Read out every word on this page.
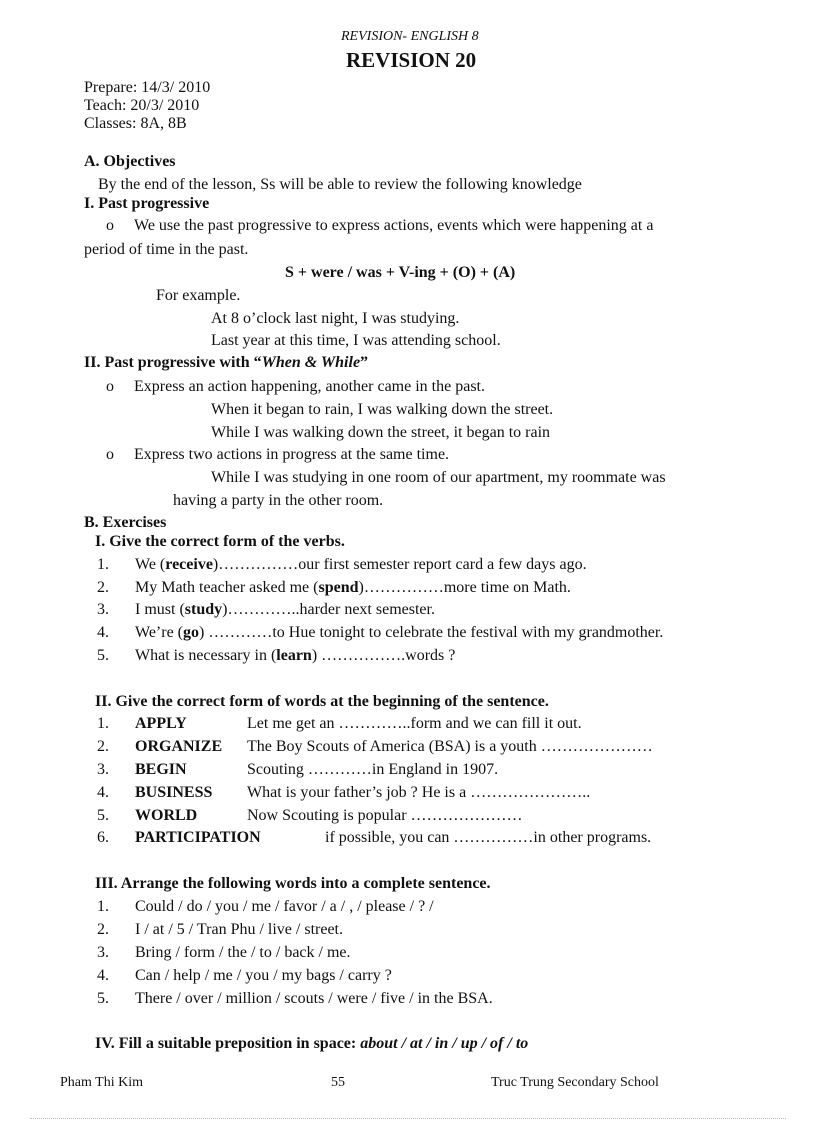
REVISION- ENGLISH 8
REVISION 20
Prepare: 14/3/ 2010
Teach: 20/3/ 2010
Classes: 8A, 8B
A. Objectives
By the end of the lesson, Ss will be able to review the following knowledge
I. Past progressive
o We use the past progressive to express actions, events which were happening at a
period of time in the past.
S + were / was + V-ing + (O) + (A)
For example.
At 8 o’clock last night, I was studying.
Last year at this time, I was attending school.
II. Past progressive with “When & While”
o Express an action happening, another came in the past.
When it began to rain, I was walking down the street.
While I was walking down the street, it began to rain
o Express two actions in progress at the same time.
While I was studying in one room of our apartment, my roommate was
having a party in the other room.
B. Exercises
I. Give the correct form of the verbs.
1. We (receive)……………our first semester report card a few days ago.
2. My Math teacher asked me (spend)……………more time on Math.
3. I must (study)…………..harder next semester.
4. We’re (go) …………to Hue tonight to celebrate the festival with my grandmother.
5. What is necessary in (learn) …………….words ?
II. Give the correct form of words at the beginning of the sentence.
1. APPLY	Let me get an …………..form and we can fill it out.
2. ORGANIZE The Boy Scouts of America (BSA) is a youth …………………
3. BEGIN	Scouting …………in England in 1907.
4. BUSINESS What is your father’s job ? He is a …………………..
5. WORLD	Now Scouting is popular …………………
6. PARTICIPATION	if possible, you can ……………in other programs.
III. Arrange the following words into a complete sentence.
1. Could / do / you / me / favor / a / , / please / ? /
2. I / at / 5 / Tran Phu / live / street.
3. Bring / form / the / to / back / me.
4. Can / help / me / you / my bags / carry ?
5. There / over / million / scouts / were / five / in the BSA.
IV. Fill a suitable preposition in space: about / at / in / up / of / to
Pham Thi Kim	55	Truc Trung Secondary School
